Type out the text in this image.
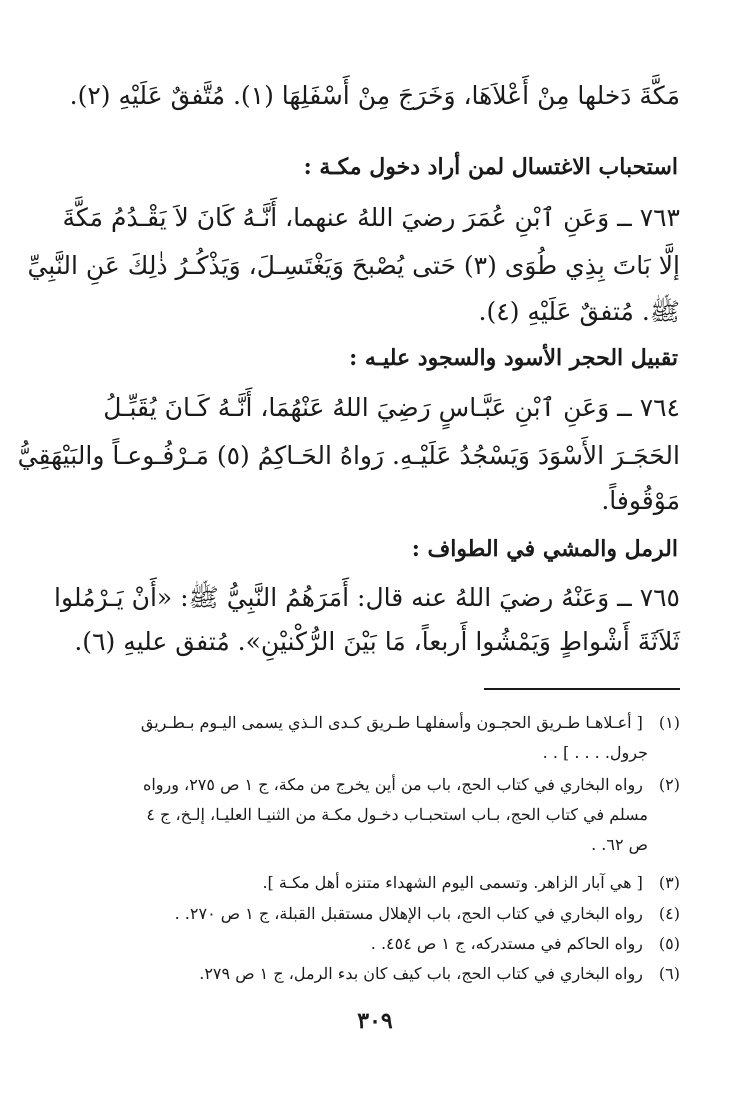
مَكَّةَ دَخلها مِنْ أَعْلاَهَا، وَخَرَجَ مِنْ أَسْفَلِهَا (١). مُتَّفقٌ عَلَيْهِ (٢).
استحباب الاغتسال لمن أراد دخول مكـة :
٧٦٣ ــ وَعَنِ ٱبْنِ عُمَرَ رضيَ اللهُ عنهما، أَنَّـهُ كَانَ لاَ يَقْـدُمُ مَكَّةَ
إلَّا بَاتَ بِذِي طُوَى (٣) حَتى يُصْبحَ وَيَغْتَسِـلَ، وَيَذْكُـرُ ذٰلِكَ عَنِ النَّبِيِّ
ﷺ. مُتفقٌ عَلَيْهِ (٤).
تقبيل الحجر الأسود والسجود عليـه :
٧٦٤ ــ وَعَنِ ٱبْنِ عَبَّـاسٍ رَضِيَ اللهُ عَنْهُمَا، أَنَّـهُ كَـانَ يُقَبِّـلُ
الحَجَـرَ الأَسْوَدَ وَيَسْجُدُ عَلَيْـهِ. رَواهُ الحَـاكِمُ (٥) مَـرْفُـوعـاً والبَيْهَقِيُّ
مَوْقُوفاً.
الرمل والمشي في الطواف :
٧٦٥ ــ وَعَنْهُ رضيَ اللهُ عنه قال: أَمَرَهُمُ النَّبِيُّ ﷺ: «أَنْ يَـرْمُلوا
ثَلاَثَةَ أَشْواطٍ وَيَمْشُوا أَربعاً، مَا بَيْنَ الرُّكْنيْنِ». مُتفق عليهِ (٦).
(١) [ أعـلاهـا طـريق الحجـون وأسفلهـا طـريق كـدى الـذي يسمى اليـوم بـطـريق
جرول. . . . ] . .
(٢) رواه البخاري في كتاب الحج، باب من أين يخرج من مكة، ج ١ ص ٢٧٥، ورواه
مسلم في كتاب الحج، بـاب استحبـاب دخـول مكـة من الثنيـا العليـا، إلـخ، ج ٤
ص ٦٢. .
(٣) [ هي آبار الزاهر. وتسمى اليوم الشهداء متنزه أهل مكـة ].
(٤) رواه البخاري في كتاب الحج، باب الإهلال مستقبل القبلة، ج ١ ص ٢٧٠. .
(٥) رواه الحاكم في مستدركه، ج ١ ص ٤٥٤. .
(٦) رواه البخاري في كتاب الحج، باب كيف كان بدء الرمل، ج ١ ص ٢٧٩.
٣٠٩
